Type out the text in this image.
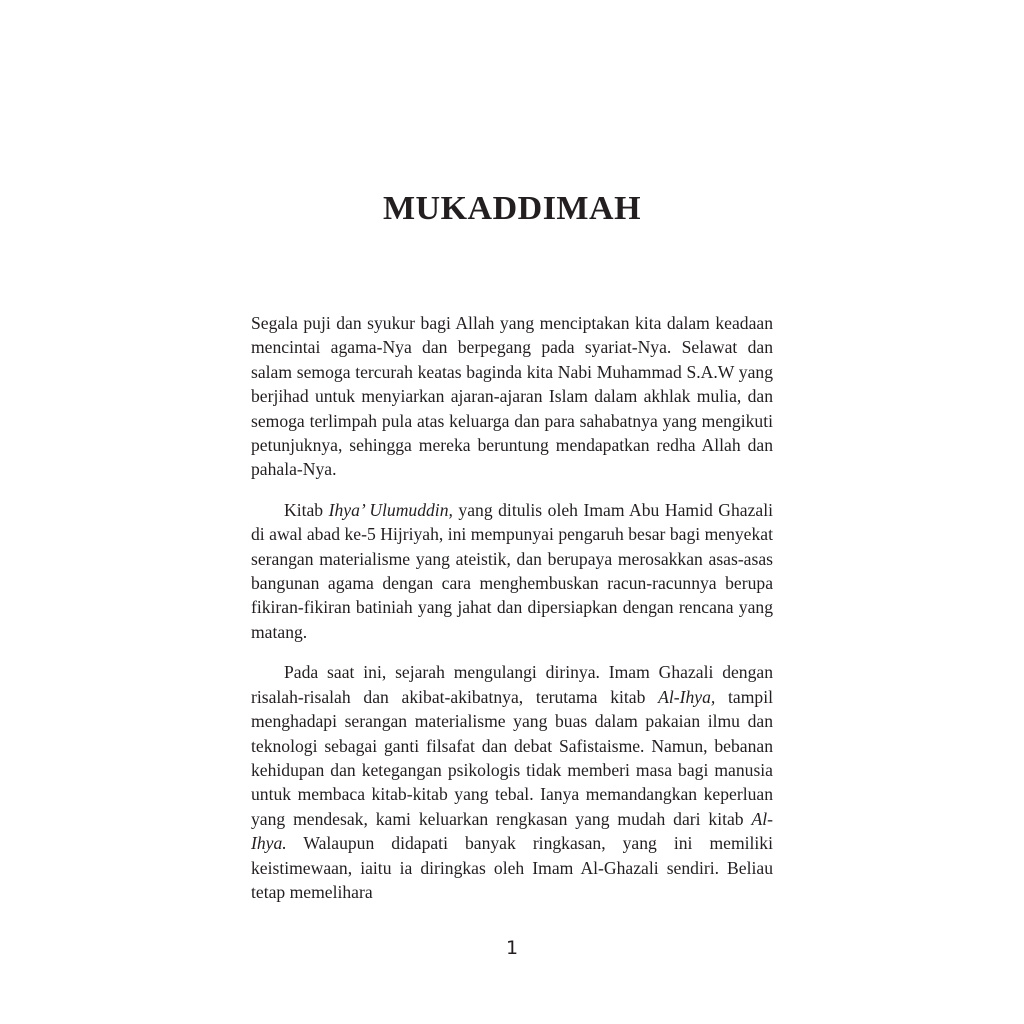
MUKADDIMAH

Segala puji dan syukur bagi Allah yang menciptakan kita dalam keadaan mencintai agama-Nya dan berpegang pada syariat-Nya. Selawat dan salam semoga tercurah keatas baginda kita Nabi Muhammad S.A.W yang berjihad untuk menyiarkan ajaran-ajaran Islam dalam akhlak mulia, dan semoga terlimpah pula atas keluarga dan para sahabatnya yang mengikuti petunjuknya, sehingga mereka beruntung mendapatkan redha Allah dan pahala-Nya.

Kitab Ihya’ Ulumuddin, yang ditulis oleh Imam Abu Hamid Ghazali di awal abad ke-5 Hijriyah, ini mempunyai pengaruh besar bagi menyekat serangan materialisme yang ateistik, dan berupaya merosakkan asas-asas bangunan agama dengan cara menghembuskan racun-racunnya berupa fikiran-fikiran batiniah yang jahat dan dipersiapkan dengan rencana yang matang.

Pada saat ini, sejarah mengulangi dirinya. Imam Ghazali dengan risalah-risalah dan akibat-akibatnya, terutama kitab Al-Ihya, tampil menghadapi serangan materialisme yang buas dalam pakaian ilmu dan teknologi sebagai ganti filsafat dan debat Safistaisme. Namun, bebanan kehidupan dan ketegangan psikologis tidak memberi masa bagi manusia untuk membaca kitab-kitab yang tebal. Ianya memandangkan keperluan yang mendesak, kami keluarkan rengkasan yang mudah dari kitab Al-Ihya. Walaupun didapati banyak ringkasan, yang ini memiliki keistimewaan, iaitu ia diringkas oleh Imam Al-Ghazali sendiri. Beliau tetap memelihara

1
